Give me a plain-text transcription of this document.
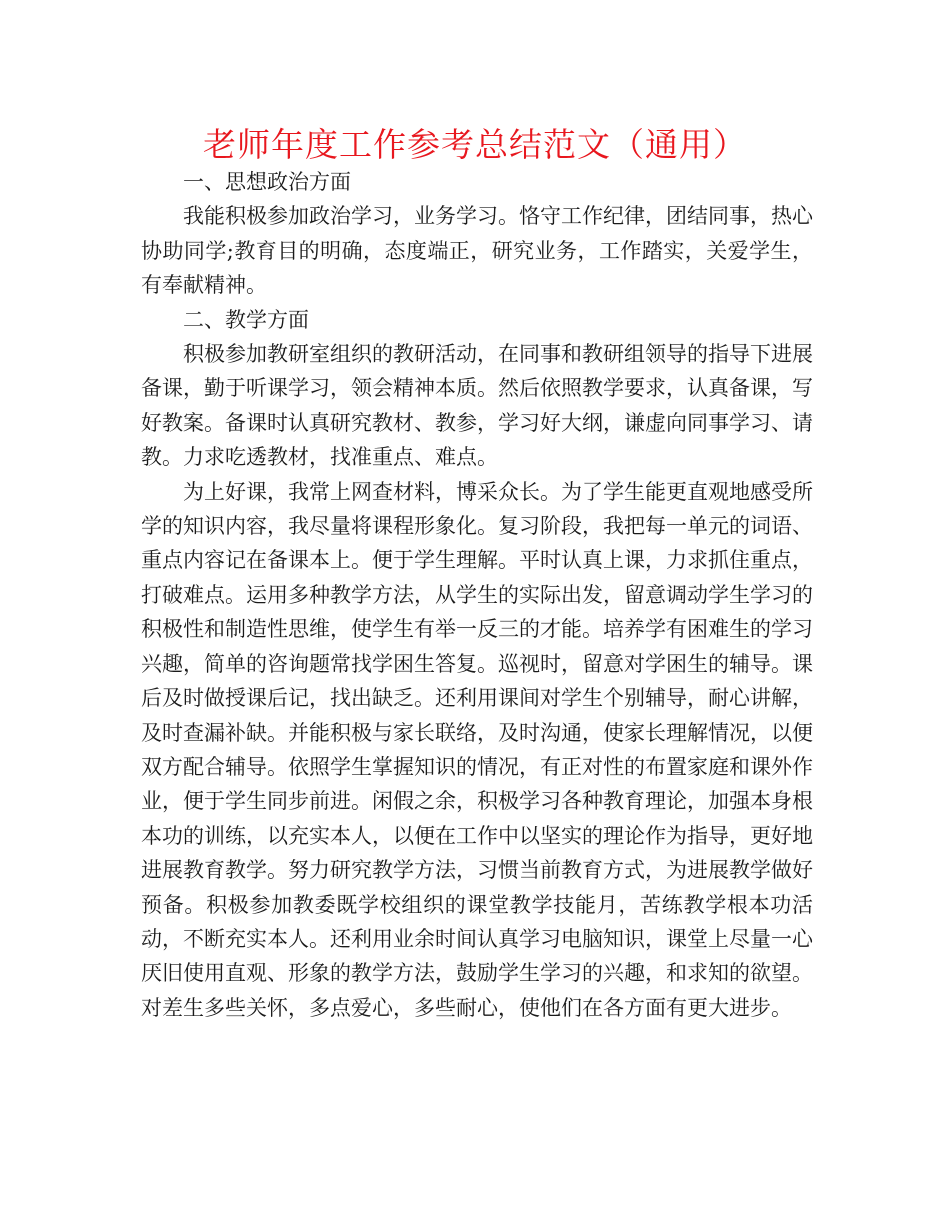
老师年度工作参考总结范文（通用）

一、思想政治方面

我能积极参加政治学习，业务学习。恪守工作纪律，团结同事，热心协助同学;教育目的明确，态度端正，研究业务，工作踏实，关爱学生，有奉献精神。

二、教学方面

积极参加教研室组织的教研活动，在同事和教研组领导的指导下进展备课，勤于听课学习，领会精神本质。然后依照教学要求，认真备课，写好教案。备课时认真研究教材、教参，学习好大纲，谦虚向同事学习、请教。力求吃透教材，找准重点、难点。

为上好课，我常上网查材料，博采众长。为了学生能更直观地感受所学的知识内容，我尽量将课程形象化。复习阶段，我把每一单元的词语、重点内容记在备课本上。便于学生理解。平时认真上课，力求抓住重点，打破难点。运用多种教学方法，从学生的实际出发，留意调动学生学习的积极性和制造性思维，使学生有举一反三的才能。培养学有困难生的学习兴趣，简单的咨询题常找学困生答复。巡视时，留意对学困生的辅导。课后及时做授课后记，找出缺乏。还利用课间对学生个别辅导，耐心讲解，及时查漏补缺。并能积极与家长联络，及时沟通，使家长理解情况，以便双方配合辅导。依照学生掌握知识的情况，有正对性的布置家庭和课外作业，便于学生同步前进。闲假之余，积极学习各种教育理论，加强本身根本功的训练，以充实本人，以便在工作中以坚实的理论作为指导，更好地进展教育教学。努力研究教学方法，习惯当前教育方式，为进展教学做好预备。积极参加教委既学校组织的课堂教学技能月，苦练教学根本功活动，不断充实本人。还利用业余时间认真学习电脑知识，课堂上尽量一心厌旧使用直观、形象的教学方法，鼓励学生学习的兴趣，和求知的欲望。对差生多些关怀，多点爱心，多些耐心，使他们在各方面有更大进步。
